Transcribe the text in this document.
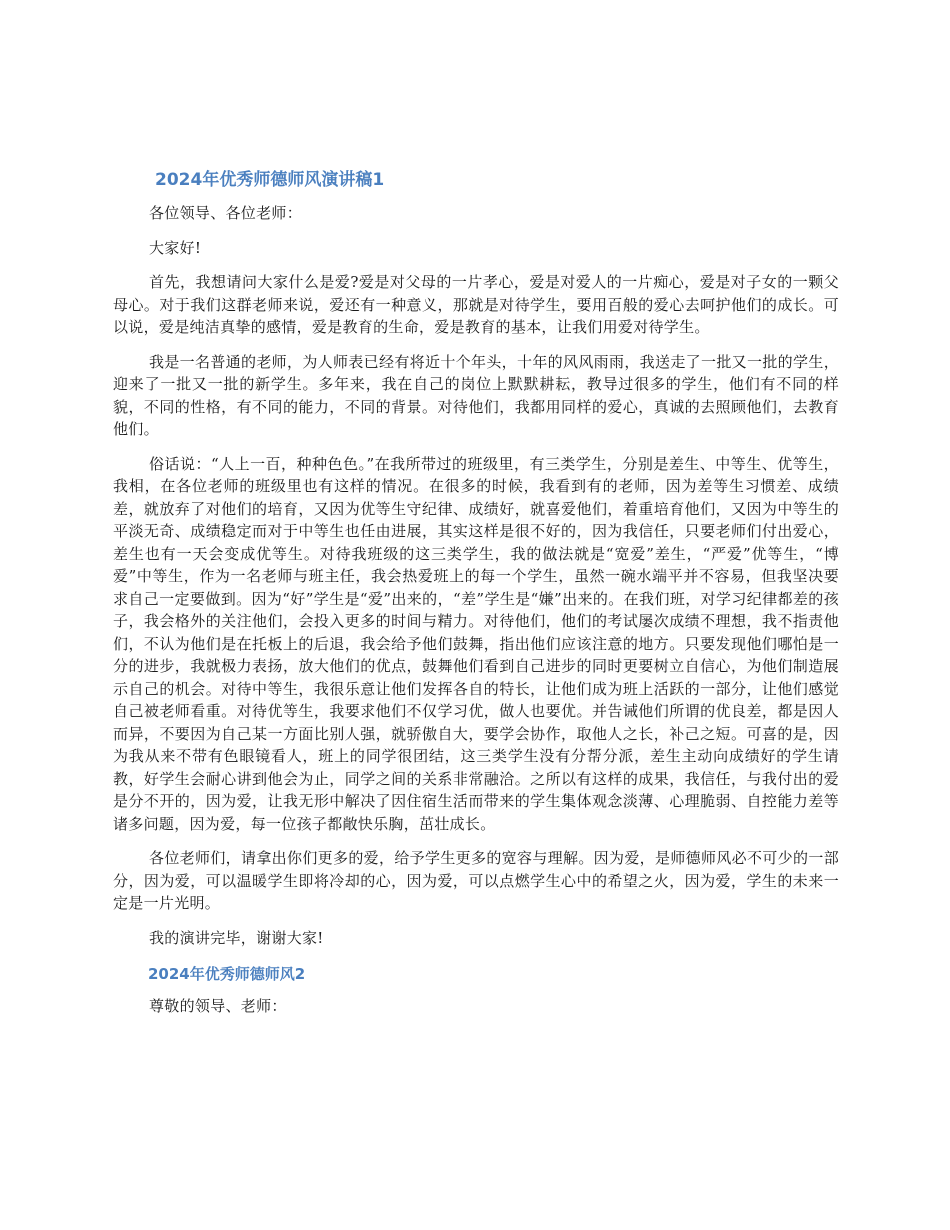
2024年优秀师德师风演讲稿1

各位领导、各位老师：

大家好!

首先，我想请问大家什么是爱?爱是对父母的一片孝心，爱是对爱人的一片痴心，爱是对子女的一颗父母心。对于我们这群老师来说，爱还有一种意义，那就是对待学生，要用百般的爱心去呵护他们的成长。可以说，爱是纯洁真挚的感情，爱是教育的生命，爱是教育的基本，让我们用爱对待学生。

我是一名普通的老师，为人师表已经有将近十个年头，十年的风风雨雨，我送走了一批又一批的学生，迎来了一批又一批的新学生。多年来，我在自己的岗位上默默耕耘，教导过很多的学生，他们有不同的样貌，不同的性格，有不同的能力，不同的背景。对待他们，我都用同样的爱心，真诚的去照顾他们，去教育他们。

俗话说：“人上一百，种种色色。”在我所带过的班级里，有三类学生，分别是差生、中等生、优等生，我相，在各位老师的班级里也有这样的情况。在很多的时候，我看到有的老师，因为差等生习惯差、成绩差，就放弃了对他们的培育，又因为优等生守纪律、成绩好，就喜爱他们，着重培育他们，又因为中等生的平淡无奇、成绩稳定而对于中等生也任由进展，其实这样是很不好的，因为我信任，只要老师们付出爱心，差生也有一天会变成优等生。对待我班级的这三类学生，我的做法就是“宽爱”差生，“严爱”优等生，“博爱”中等生，作为一名老师与班主任，我会热爱班上的每一个学生，虽然一碗水端平并不容易，但我坚决要求自己一定要做到。因为“好”学生是“爱”出来的，“差”学生是“嫌”出来的。在我们班，对学习纪律都差的孩子，我会格外的关注他们，会投入更多的时间与精力。对待他们，他们的考试屡次成绩不理想，我不指责他们，不认为他们是在托板上的后退，我会给予他们鼓舞，指出他们应该注意的地方。只要发现他们哪怕是一分的进步，我就极力表扬，放大他们的优点，鼓舞他们看到自己进步的同时更要树立自信心，为他们制造展示自己的机会。对待中等生，我很乐意让他们发挥各自的特长，让他们成为班上活跃的一部分，让他们感觉自己被老师看重。对待优等生，我要求他们不仅学习优，做人也要优。并告诫他们所谓的优良差，都是因人而异，不要因为自己某一方面比别人强，就骄傲自大，要学会协作，取他人之长，补己之短。可喜的是，因为我从来不带有色眼镜看人，班上的同学很团结，这三类学生没有分帮分派，差生主动向成绩好的学生请教，好学生会耐心讲到他会为止，同学之间的关系非常融洽。之所以有这样的成果，我信任，与我付出的爱是分不开的，因为爱，让我无形中解决了因住宿生活而带来的学生集体观念淡薄、心理脆弱、自控能力差等诸多问题，因为爱，每一位孩子都敞快乐胸，茁壮成长。

各位老师们，请拿出你们更多的爱，给予学生更多的宽容与理解。因为爱，是师德师风必不可少的一部分，因为爱，可以温暖学生即将冷却的心，因为爱，可以点燃学生心中的希望之火，因为爱，学生的未来一定是一片光明。

我的演讲完毕，谢谢大家!

2024年优秀师德师风2

尊敬的领导、老师：
